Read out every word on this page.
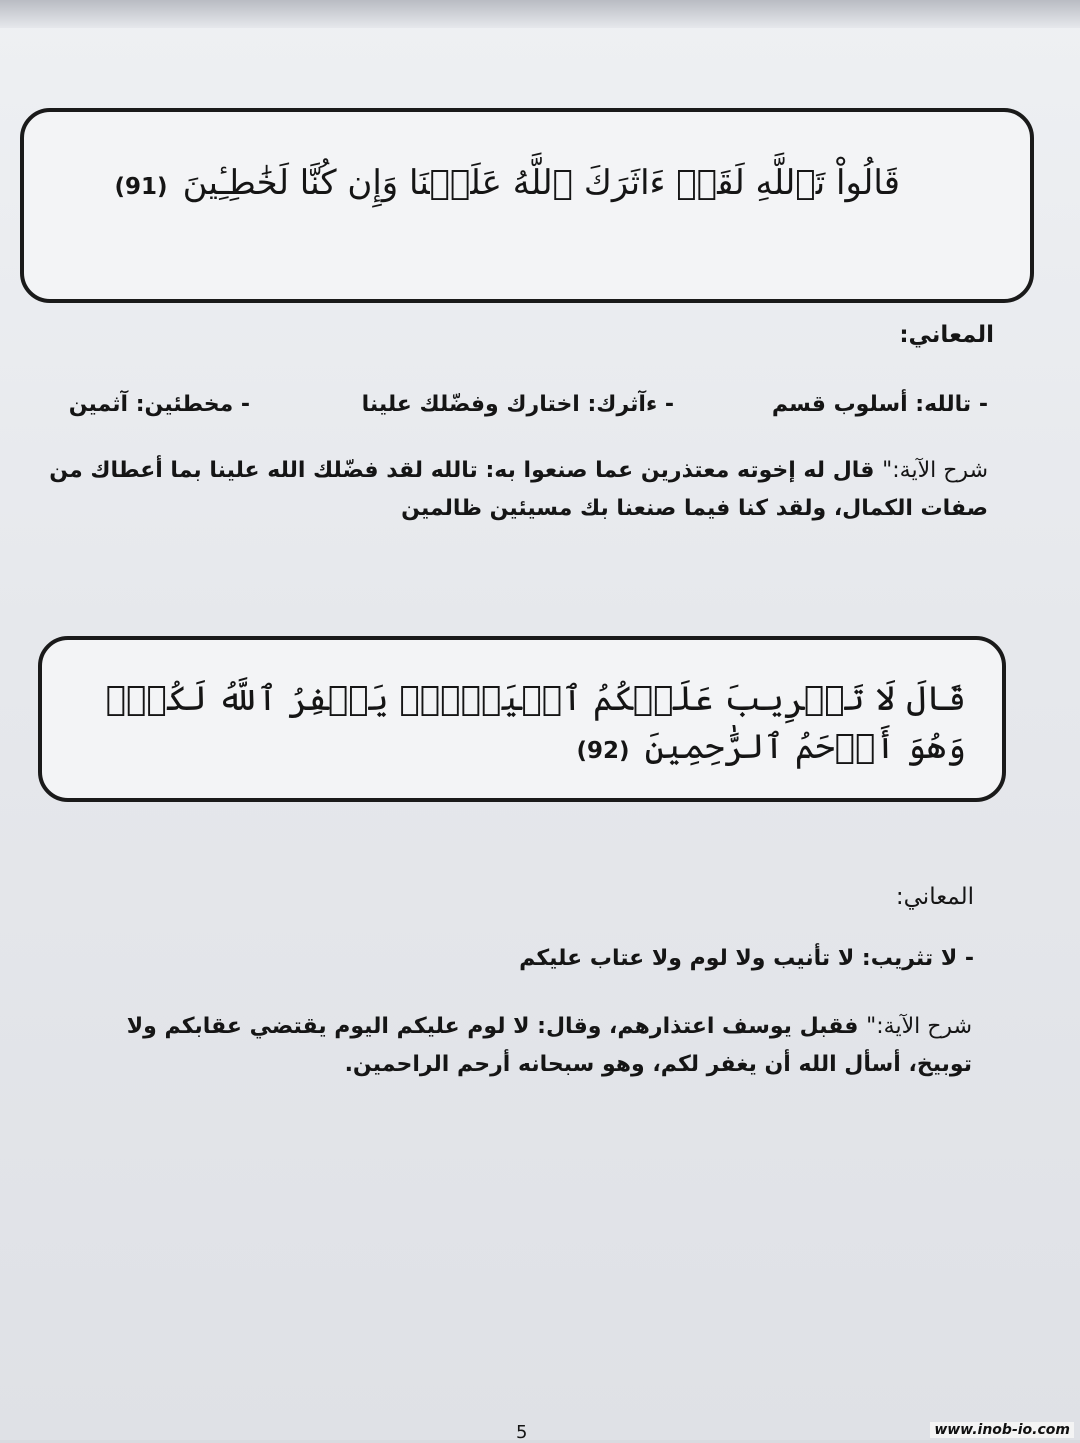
قَالُواْ تَٱللَّهِ لَقَدۡ ءَاثَرَكَ ٱللَّهُ عَلَيۡنَا وَإِن كُنَّا لَخَٰطِـِٔينَ (91)
المعاني:
- تالله: أسلوب قسم
- ءآثرك: اختارك وفضّلك علينا
- مخطئين: آثمين
شرح الآية:" قال له إخوته معتذرين عما صنعوا به: تالله لقد فضّلك الله علينا بما أعطاك من صفات الكمال، ولقد كنا فيما صنعنا بك مسيئين ظالمين
قَالَ لَا تَثۡرِيبَ عَلَيۡكُمُ ٱلۡيَوۡمَۖ يَغۡفِرُ ٱللَّهُ لَكُمۡۖ وَهُوَ أَرۡحَمُ ٱلرَّٰحِمِينَ (92)
المعاني:
- لا تثريب: لا تأنيب ولا لوم ولا عتاب عليكم
شرح الآية:" فقبل يوسف اعتذارهم، وقال: لا لوم عليكم اليوم يقتضي عقابكم ولا توبيخ، أسأل الله أن يغفر لكم، وهو سبحانه أرحم الراحمين.
5	www.inob-io.com
